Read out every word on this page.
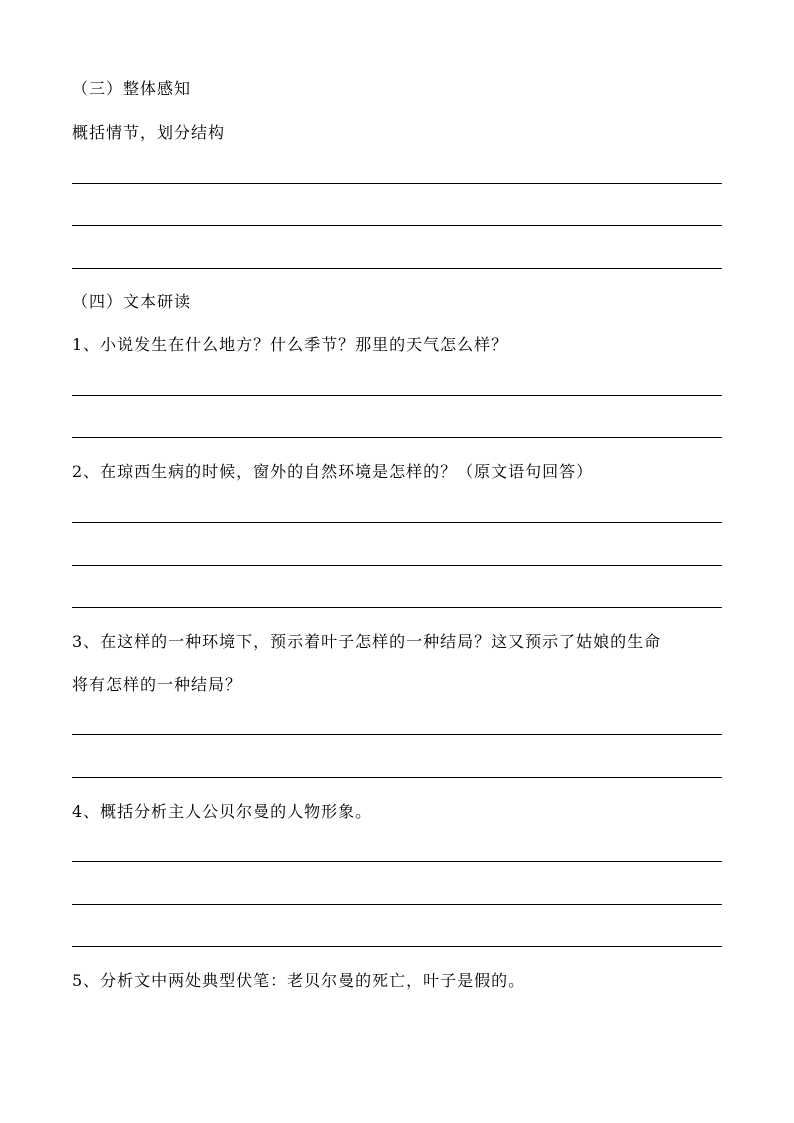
（三）整体感知
概括情节，划分结构
（四）文本研读
1、小说发生在什么地方？什么季节？那里的天气怎么样？
2、在琼西生病的时候，窗外的自然环境是怎样的？（原文语句回答）
3、在这样的一种环境下，预示着叶子怎样的一种结局？这又预示了姑娘的生命
将有怎样的一种结局？
4、概括分析主人公贝尔曼的人物形象。
5、分析文中两处典型伏笔：老贝尔曼的死亡，叶子是假的。
